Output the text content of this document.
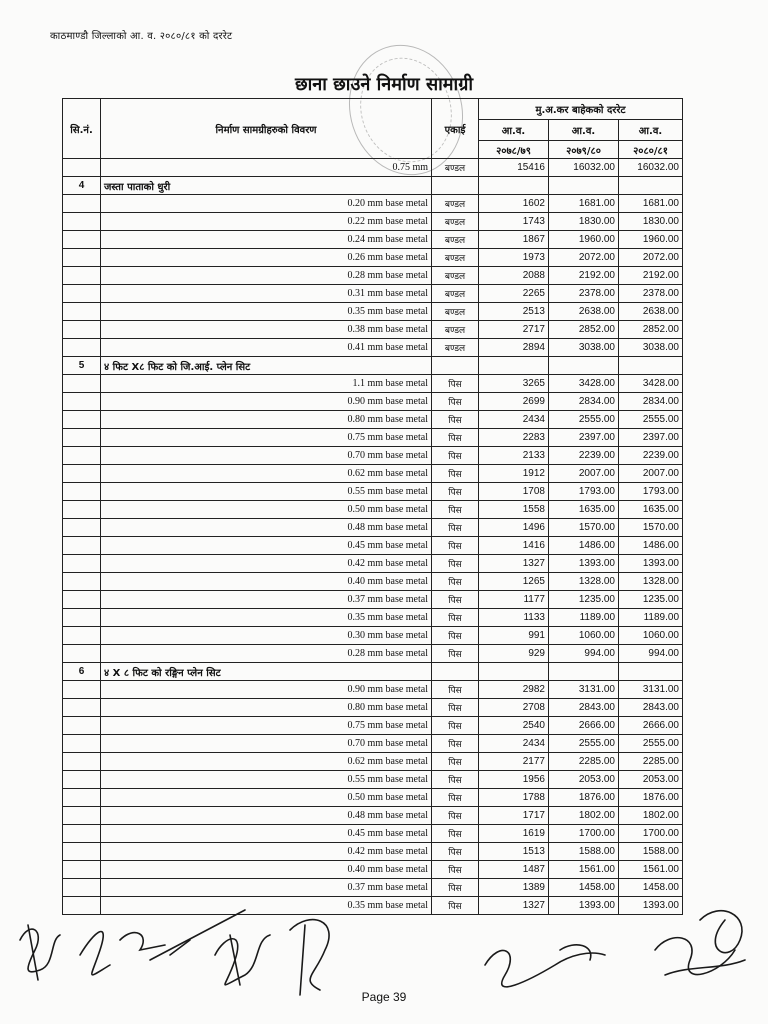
काठमाण्डौ जिल्लाको आ. व. २०८०/८१ को दररेट
छाना छाउने निर्माण सामाग्री
सि.नं.	निर्माण सामग्रीहरुको विवरण	एकाई	मु.अ.कर बाहेकको दररेट		
			आ.व.	आ.व.	आ.व.
			२०७८/७९	२०७९/८०	२०८०/८१
	0.75 mm	बण्डल	15416	16032.00	16032.00
4	जस्ता पाताको धुरी				
	0.20 mm base metal	बण्डल	1602	1681.00	1681.00
	0.22 mm base metal	बण्डल	1743	1830.00	1830.00
	0.24 mm base metal	बण्डल	1867	1960.00	1960.00
	0.26 mm base metal	बण्डल	1973	2072.00	2072.00
	0.28 mm base metal	बण्डल	2088	2192.00	2192.00
	0.31 mm base metal	बण्डल	2265	2378.00	2378.00
	0.35 mm base metal	बण्डल	2513	2638.00	2638.00
	0.38 mm base metal	बण्डल	2717	2852.00	2852.00
	0.41 mm base metal	बण्डल	2894	3038.00	3038.00
5	४ फिट X८ फिट को जि.आई. प्लेन सिट				
	1.1 mm base metal	पिस	3265	3428.00	3428.00
	0.90 mm base metal	पिस	2699	2834.00	2834.00
	0.80 mm base metal	पिस	2434	2555.00	2555.00
	0.75 mm base metal	पिस	2283	2397.00	2397.00
	0.70 mm base metal	पिस	2133	2239.00	2239.00
	0.62 mm base metal	पिस	1912	2007.00	2007.00
	0.55 mm base metal	पिस	1708	1793.00	1793.00
	0.50 mm base metal	पिस	1558	1635.00	1635.00
	0.48 mm base metal	पिस	1496	1570.00	1570.00
	0.45 mm base metal	पिस	1416	1486.00	1486.00
	0.42 mm base metal	पिस	1327	1393.00	1393.00
	0.40 mm base metal	पिस	1265	1328.00	1328.00
	0.37 mm base metal	पिस	1177	1235.00	1235.00
	0.35 mm base metal	पिस	1133	1189.00	1189.00
	0.30 mm base metal	पिस	991	1060.00	1060.00
	0.28 mm base metal	पिस	929	994.00	994.00
6	४ X ८ फिट को रङ्गिन प्लेन सिट				
	0.90 mm base metal	पिस	2982	3131.00	3131.00
	0.80 mm base metal	पिस	2708	2843.00	2843.00
	0.75 mm base metal	पिस	2540	2666.00	2666.00
	0.70 mm base metal	पिस	2434	2555.00	2555.00
	0.62 mm base metal	पिस	2177	2285.00	2285.00
	0.55 mm base metal	पिस	1956	2053.00	2053.00
	0.50 mm base metal	पिस	1788	1876.00	1876.00
	0.48 mm base metal	पिस	1717	1802.00	1802.00
	0.45 mm base metal	पिस	1619	1700.00	1700.00
	0.42 mm base metal	पिस	1513	1588.00	1588.00
	0.40 mm base metal	पिस	1487	1561.00	1561.00
	0.37 mm base metal	पिस	1389	1458.00	1458.00
	0.35 mm base metal	पिस	1327	1393.00	1393.00
Page 39
